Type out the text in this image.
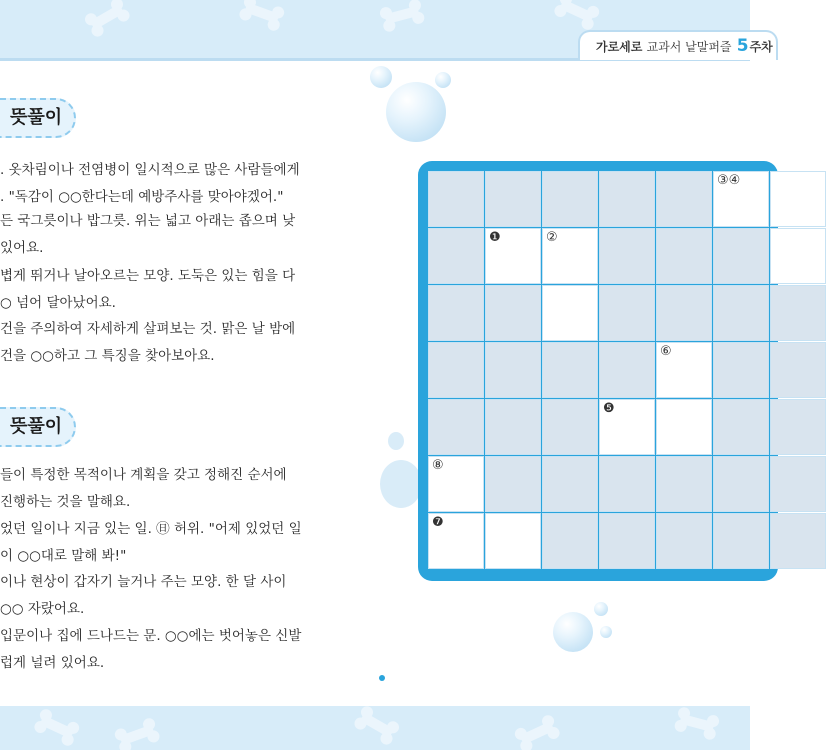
가로세로 교과서 낱말퍼즐 5주차
뜻풀이
. 옷차림이나 전염병이 일시적으로 많은 사람들에게
. "독감이 ○○한다는데 예방주사를 맞아야겠어."
든 국그릇이나 밥그릇. 위는 넓고 아래는 좁으며 낮
있어요.
볍게 뛰거나 날아오르는 모양. 도둑은 있는 힘을 다
○ 넘어 달아났어요.
건을 주의하여 자세하게 살펴보는 것. 맑은 날 밤에
건을 ○○하고 그 특징을 찾아보아요.
뜻풀이
들이 특정한 목적이나 계획을 갖고 정해진 순서에
진행하는 것을 말해요.
었던 일이나 지금 있는 일. ㊐ 허위. "어제 있었던 일
이 ○○대로 말해 봐!"
이나 현상이 갑자기 늘거나 주는 모양. 한 달 사이
○○ 자랐어요.
입문이나 집에 드나드는 문. ○○에는 벗어놓은 신발
럽게 널려 있어요.
③④
❶	②
⑥
❺
⑧
❼
